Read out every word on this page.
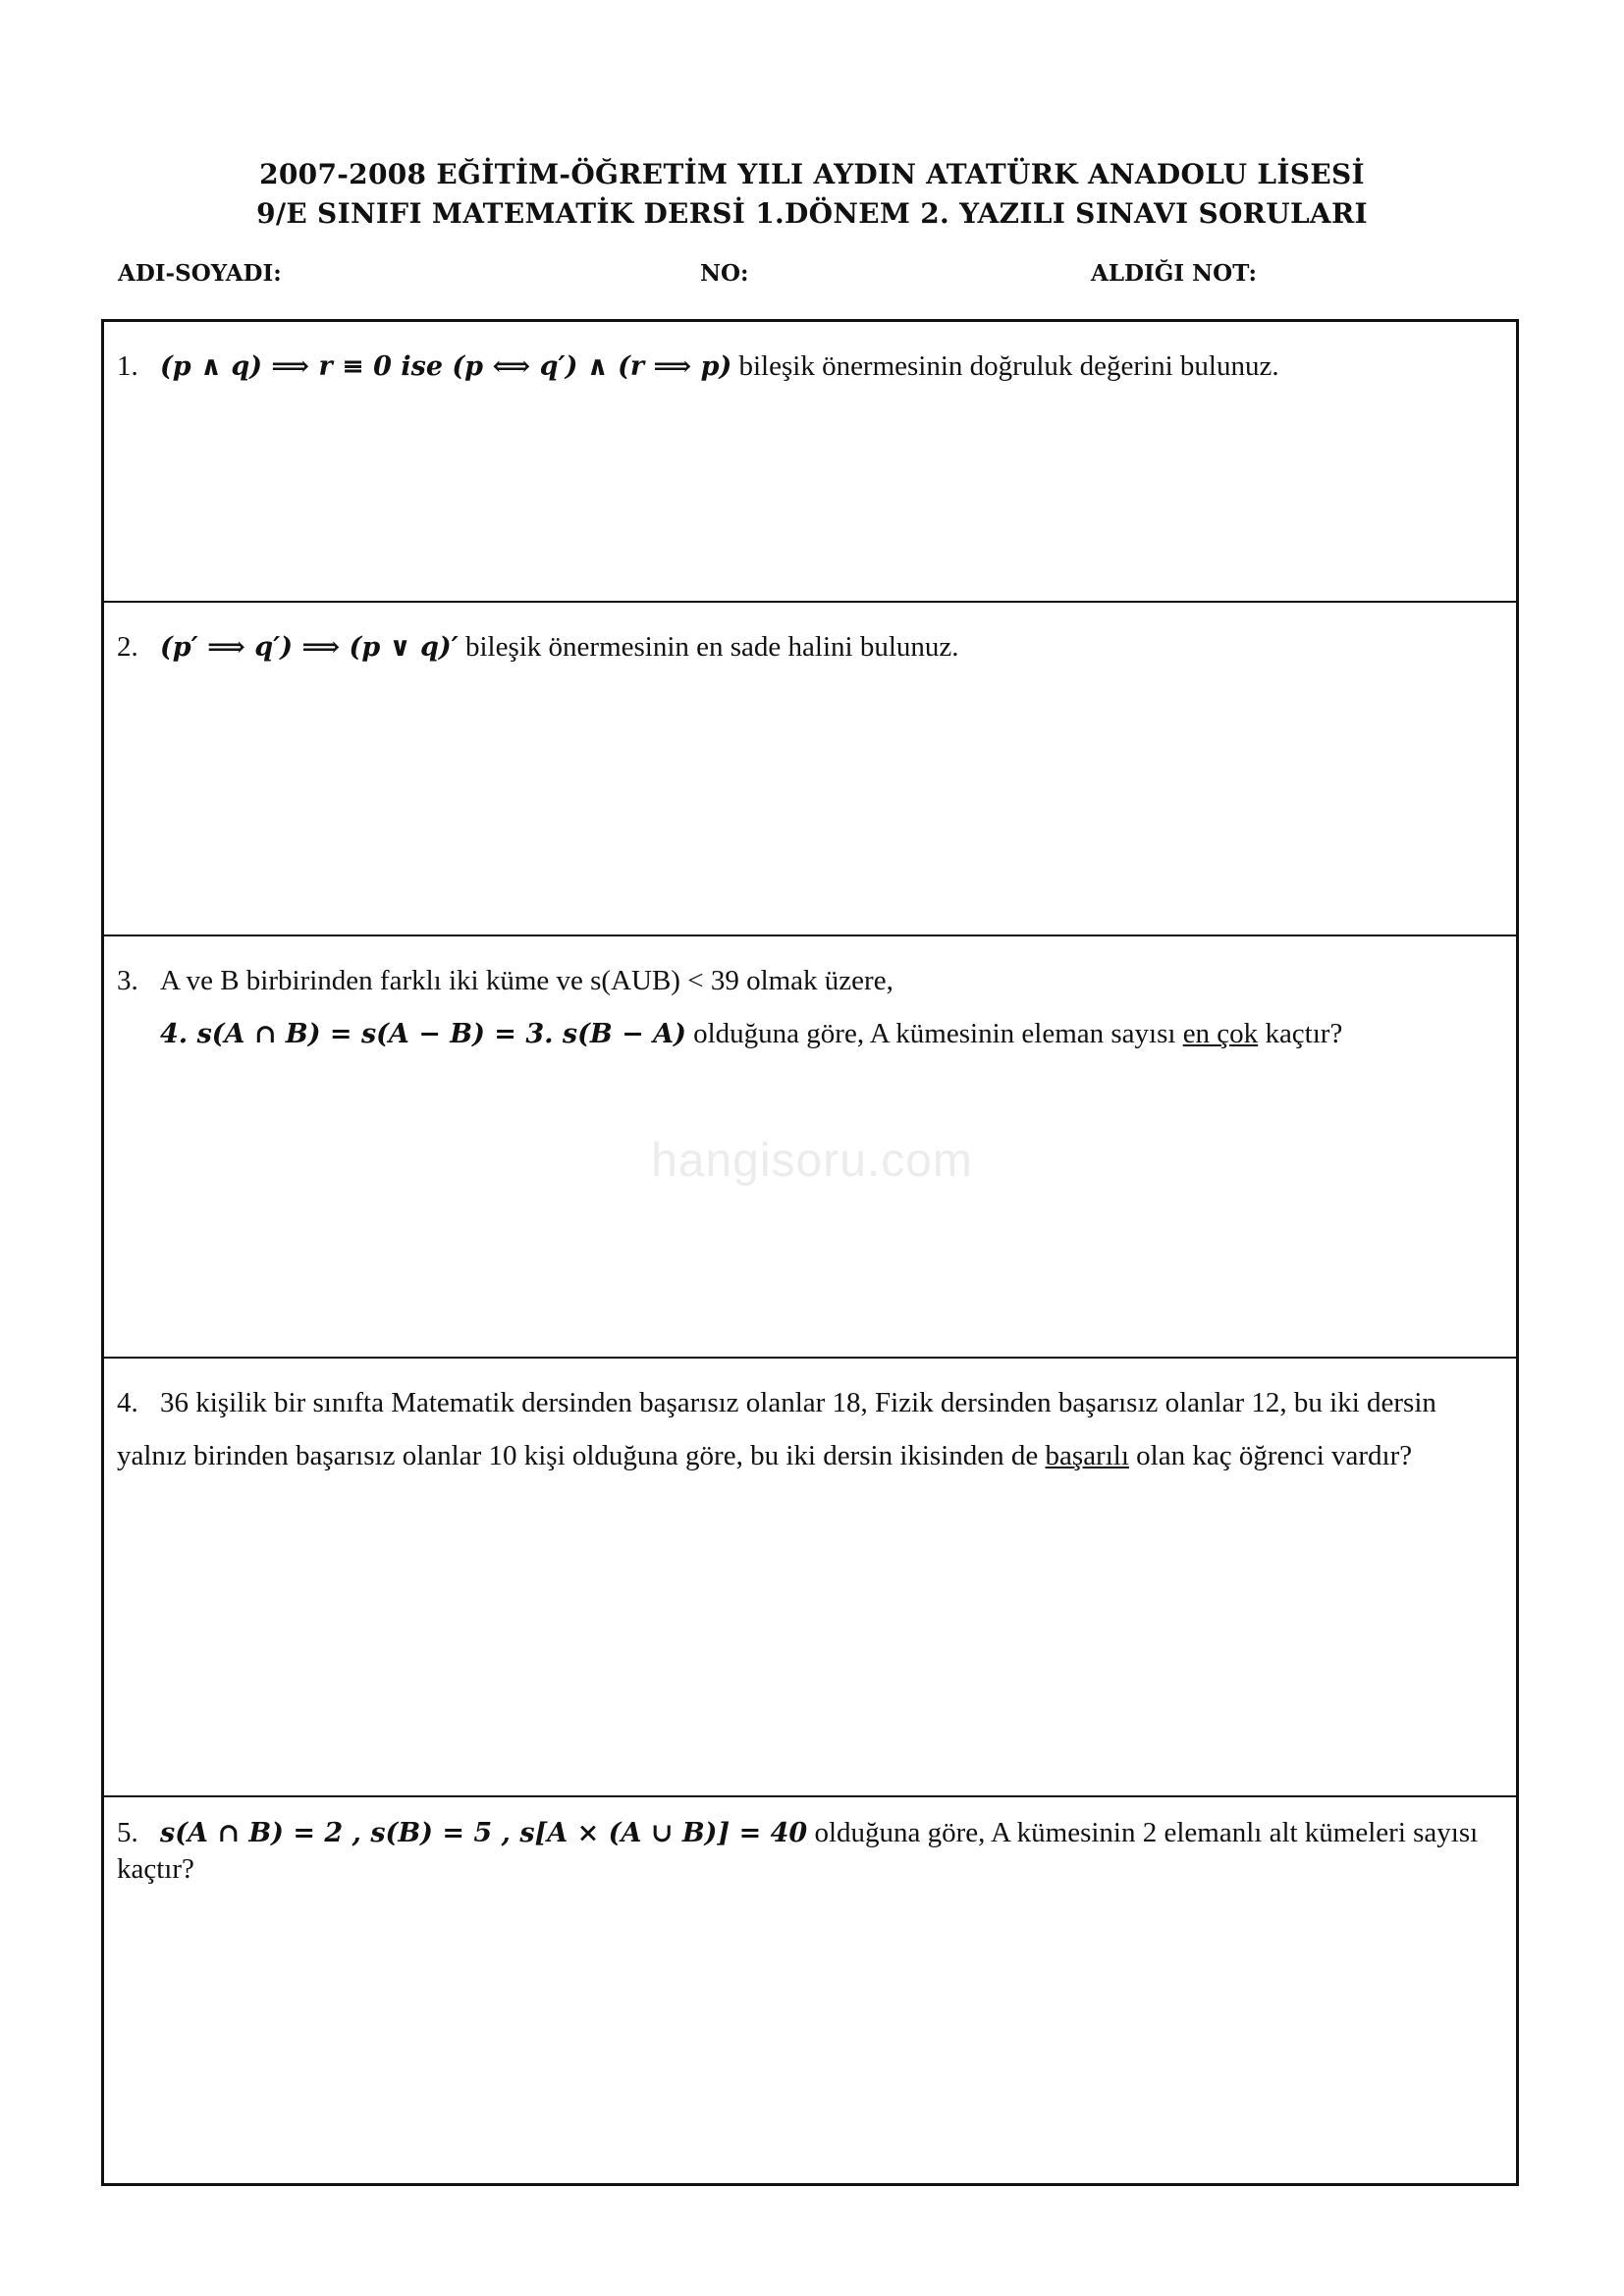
2007-2008 EĞİTİM-ÖĞRETİM YILI AYDIN ATATÜRK ANADOLU LİSESİ
9/E SINIFI MATEMATİK DERSİ 1.DÖNEM 2. YAZILI SINAVI SORULARI
ADI-SOYADI:	NO:	ALDIĞI NOT:
hangisoru.com
1. (p ∧ q) ⟹ r ≡ 0 ise (p ⟺ q′) ∧ (r ⟹ p) bileşik önermesinin doğruluk değerini bulunuz.
2. (p′ ⟹ q′) ⟹ (p ∨ q)′ bileşik önermesinin en sade halini bulunuz.
3. A ve B birbirinden farklı iki küme ve s(AUB) < 39 olmak üzere,
4. s(A ∩ B) = s(A − B) = 3. s(B − A) olduğuna göre, A kümesinin eleman sayısı en çok kaçtır?
4. 36 kişilik bir sınıfta Matematik dersinden başarısız olanlar 18, Fizik dersinden başarısız olanlar 12, bu iki dersin yalnız birinden başarısız olanlar 10 kişi olduğuna göre, bu iki dersin ikisinden de başarılı olan kaç öğrenci vardır?
5. s(A ∩ B) = 2 , s(B) = 5 , s[A × (A ∪ B)] = 40 olduğuna göre, A kümesinin 2 elemanlı alt kümeleri sayısı kaçtır?
